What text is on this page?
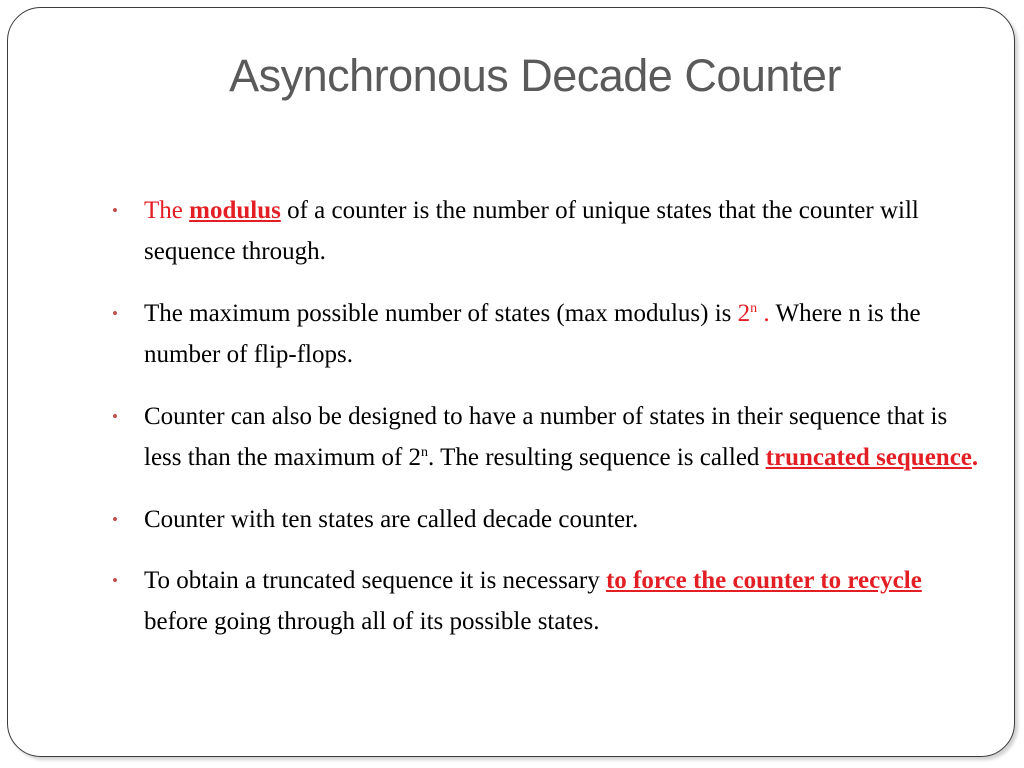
Asynchronous Decade Counter
• The modulus of a counter is the number of unique states that the counter will sequence through.
• The maximum possible number of states (max modulus) is 2$^n$ . Where n is the number of flip-flops.
• Counter can also be designed to have a number of states in their sequence that is less than the maximum of 2$^n$. The resulting sequence is called truncated sequence.
• Counter with ten states are called decade counter.
• To obtain a truncated sequence it is necessary to force the counter to recycle before going through all of its possible states.
